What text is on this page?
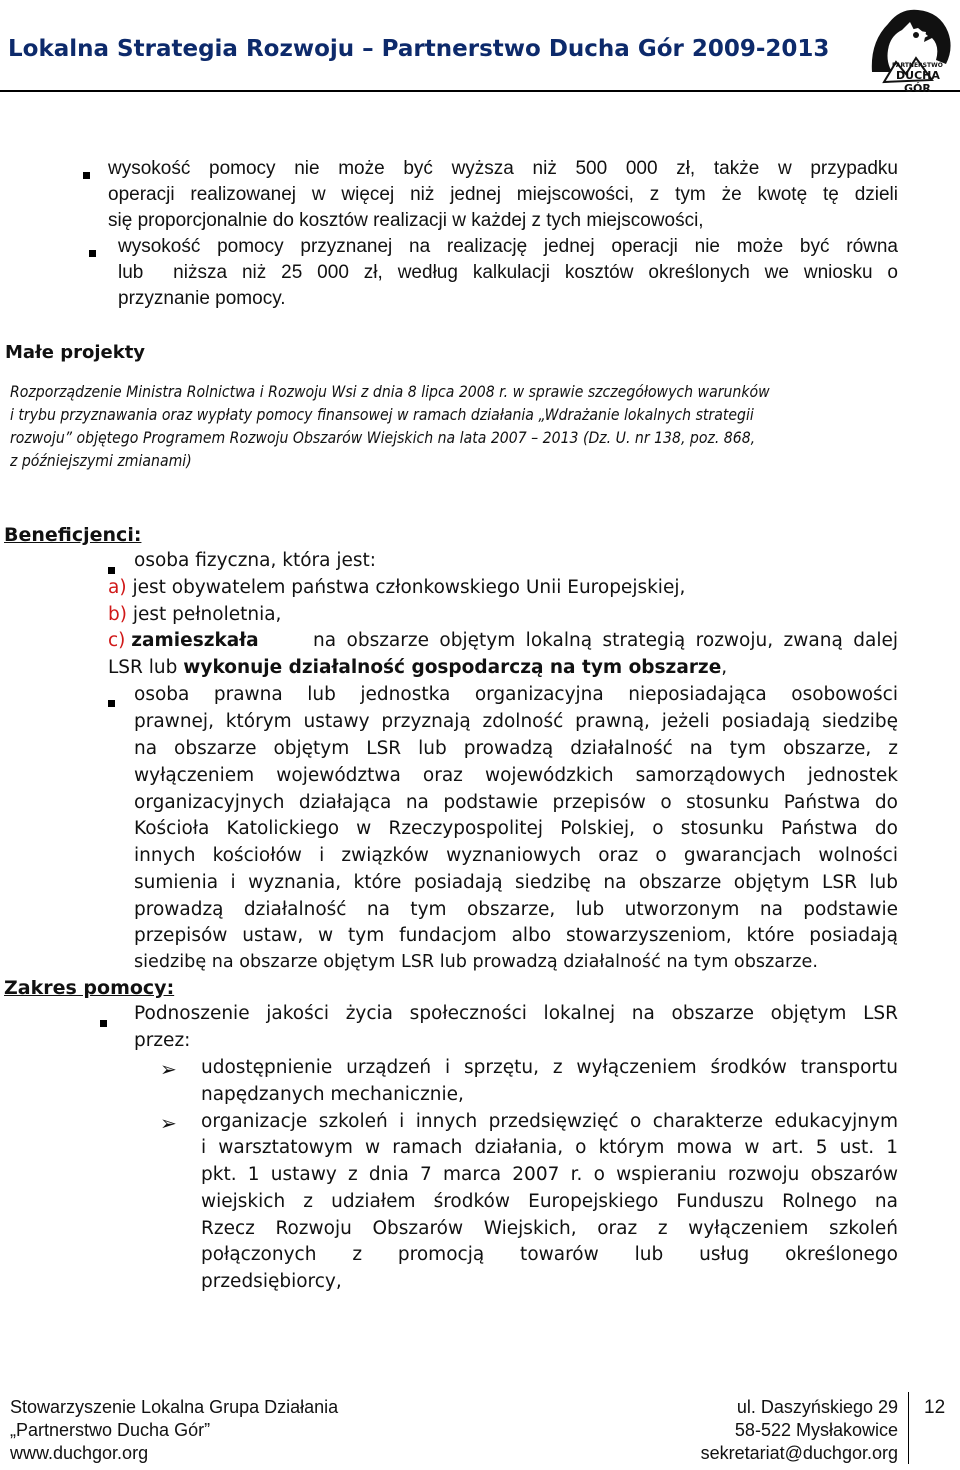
Lokalna Strategia Rozwoju – Partnerstwo Ducha Gór 2009-2013
PARTNERSTWO
DUCHA
GÓR
wysokość pomocy nie może być wyższa niż 500 000 zł, także w przypadku
operacji realizowanej w więcej niż jednej miejscowości, z tym że kwotę tę dzieli
się proporcjonalnie do kosztów realizacji w każdej z tych miejscowości,
wysokość pomocy przyznanej na realizację jednej operacji nie może być równa
lub  niższa niż 25 000 zł, według kalkulacji kosztów określonych we wniosku o
przyznanie pomocy.
Małe projekty
Rozporządzenie Ministra Rolnictwa i Rozwoju Wsi z dnia 8 lipca 2008 r. w sprawie szczegółowych warunków
i trybu przyznawania oraz wypłaty pomocy finansowej w ramach działania „Wdrażanie lokalnych strategii
rozwoju” objętego Programem Rozwoju Obszarów Wiejskich na lata 2007 – 2013 (Dz. U. nr 138, poz. 868,
z późniejszymi zmianami)
Beneficjenci:
osoba fizyczna, która jest:
a) jest obywatelem państwa członkowskiego Unii Europejskiej,
b) jest pełnoletnia,
c) zamieszkała	na obszarze objętym lokalną strategią rozwoju, zwaną dalej
LSR lub wykonuje działalność gospodarczą na tym obszarze,
osoba prawna lub jednostka organizacyjna nieposiadająca osobowości
prawnej, którym ustawy przyznają zdolność prawną, jeżeli posiadają siedzibę
na obszarze objętym LSR lub prowadzą działalność na tym obszarze, z
wyłączeniem województwa oraz wojewódzkich samorządowych jednostek
organizacyjnych działająca na podstawie przepisów o stosunku Państwa do
Kościoła Katolickiego w Rzeczypospolitej Polskiej, o stosunku Państwa do
innych kościołów i związków wyznaniowych oraz o gwarancjach wolności
sumienia i wyznania, które posiadają siedzibę na obszarze objętym LSR lub
prowadzą działalność na tym obszarze, lub utworzonym na podstawie
przepisów ustaw, w tym fundacjom albo stowarzyszeniom, które posiadają
siedzibę na obszarze objętym LSR lub prowadzą działalność na tym obszarze.
Zakres pomocy:
Podnoszenie jakości życia społeczności lokalnej na obszarze objętym LSR
przez:
➢ udostępnienie urządzeń i sprzętu, z wyłączeniem środków transportu
napędzanych mechanicznie,
➢ organizacje szkoleń i innych przedsięwzięć o charakterze edukacyjnym
i warsztatowym w ramach działania, o którym mowa w art. 5 ust. 1
pkt. 1 ustawy z dnia 7 marca 2007 r. o wspieraniu rozwoju obszarów
wiejskich z udziałem środków Europejskiego Funduszu Rolnego na
Rzecz Rozwoju Obszarów Wiejskich, oraz z wyłączeniem szkoleń
połączonych z promocją towarów lub usług określonego
przedsiębiorcy,
Stowarzyszenie Lokalna Grupa Działania
„Partnerstwo Ducha Gór”
www.duchgor.org
ul. Daszyńskiego 29
58-522 Mysłakowice
sekretariat@duchgor.org
12
